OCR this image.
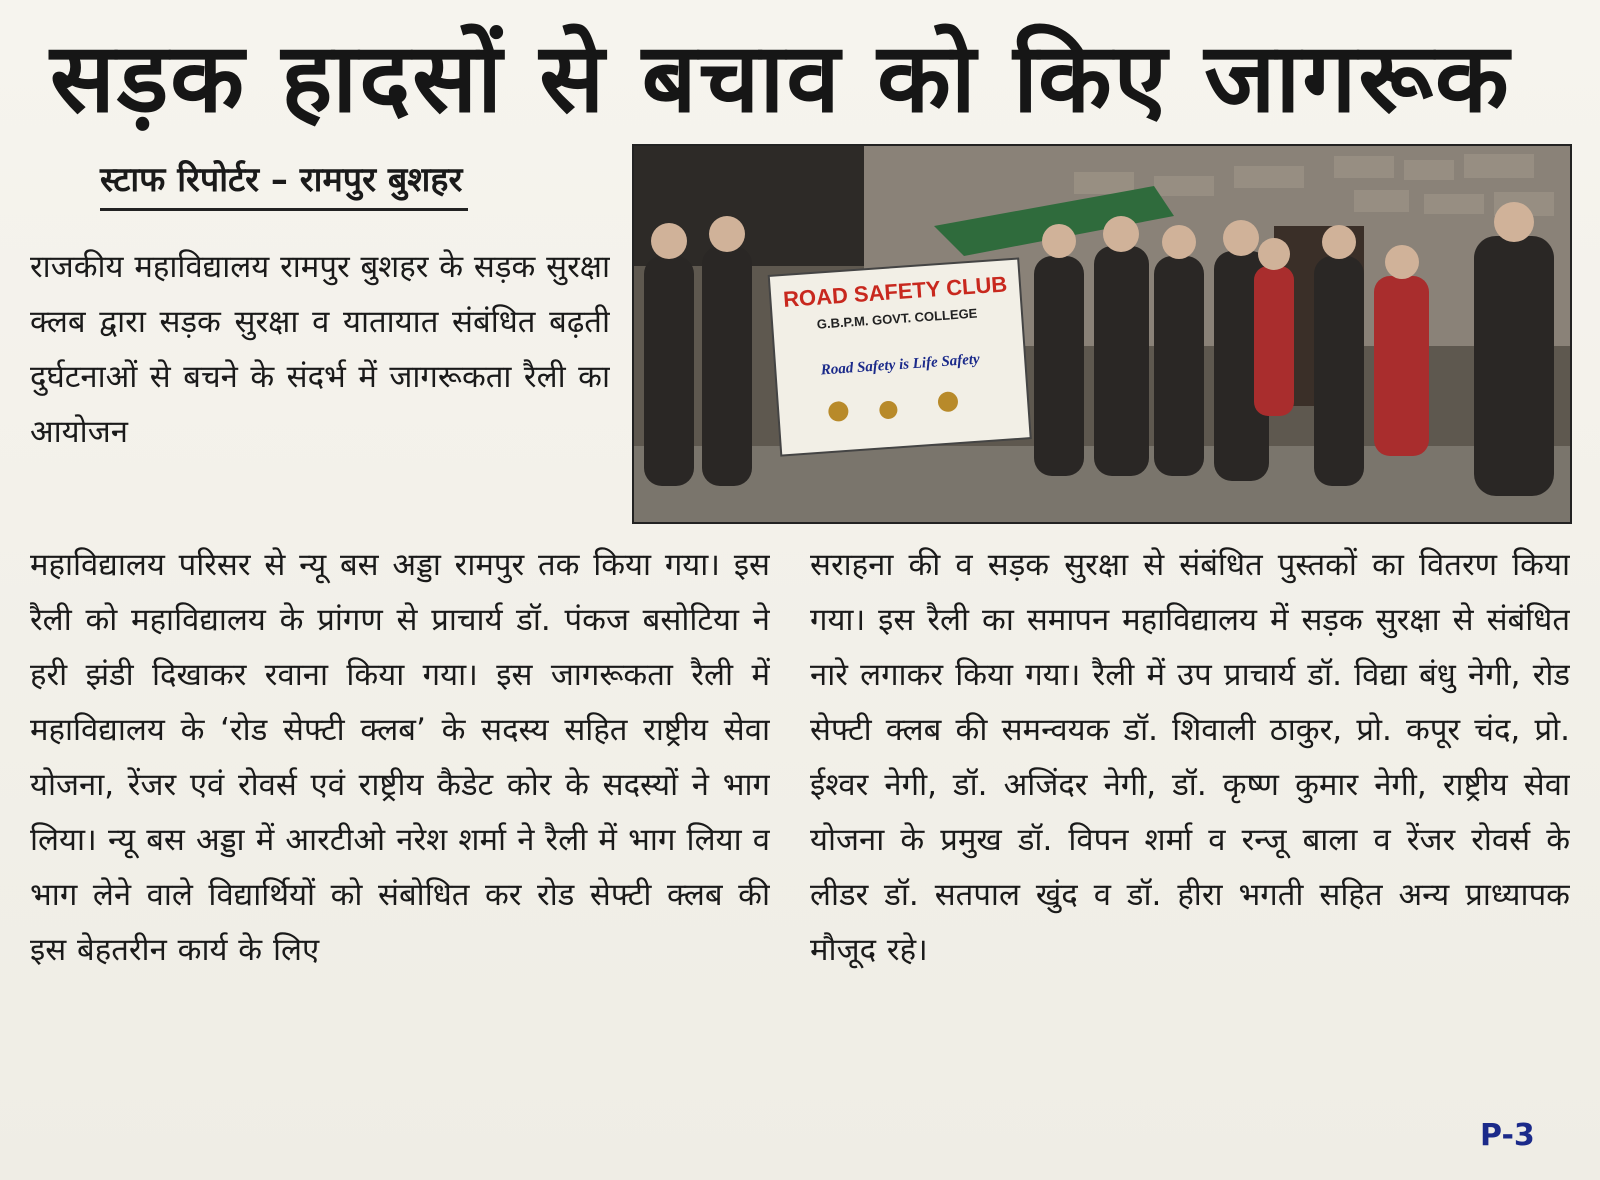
सड़क हादसों से बचाव को किए जागरूक
स्टाफ रिपोर्टर – रामपुर बुशहर
ROAD SAFETY CLUB
G.B.P.M. GOVT. COLLEGE
Road Safety is Life Safety
राजकीय महाविद्यालय रामपुर बुशहर के सड़क सुरक्षा क्लब द्वारा सड़क सुरक्षा व यातायात संबंधित बढ़ती दुर्घटनाओं से बचने के संदर्भ में जागरूकता रैली का आयोजन
महाविद्यालय परिसर से न्यू बस अड्डा रामपुर तक किया गया। इस रैली को महाविद्यालय के प्रांगण से प्राचार्य डॉ. पंकज बसोटिया ने हरी झंडी दिखाकर रवाना किया गया। इस जागरूकता रैली में महाविद्यालय के ‘रोड सेफ्टी क्लब’ के सदस्य सहित राष्ट्रीय सेवा योजना, रेंजर एवं रोवर्स एवं राष्ट्रीय कैडेट कोर के सदस्यों ने भाग लिया। न्यू बस अड्डा में आरटीओ नरेश शर्मा ने रैली में भाग लिया व भाग लेने वाले विद्यार्थियों को संबोधित कर रोड सेफ्टी क्लब की इस बेहतरीन कार्य के लिए
सराहना की व सड़क सुरक्षा से संबंधित पुस्तकों का वितरण किया गया। इस रैली का समापन महाविद्यालय में सड़क सुरक्षा से संबंधित नारे लगाकर किया गया। रैली में उप प्राचार्य डॉ. विद्या बंधु नेगी, रोड सेफ्टी क्लब की समन्वयक डॉ. शिवाली ठाकुर, प्रो. कपूर चंद, प्रो. ईश्वर नेगी, डॉ. अजिंदर नेगी, डॉ. कृष्ण कुमार नेगी, राष्ट्रीय सेवा योजना के प्रमुख डॉ. विपन शर्मा व रन्जू बाला व रेंजर रोवर्स के लीडर डॉ. सतपाल खुंद व डॉ. हीरा भगती सहित अन्य प्राध्यापक मौजूद रहे।
P-3
